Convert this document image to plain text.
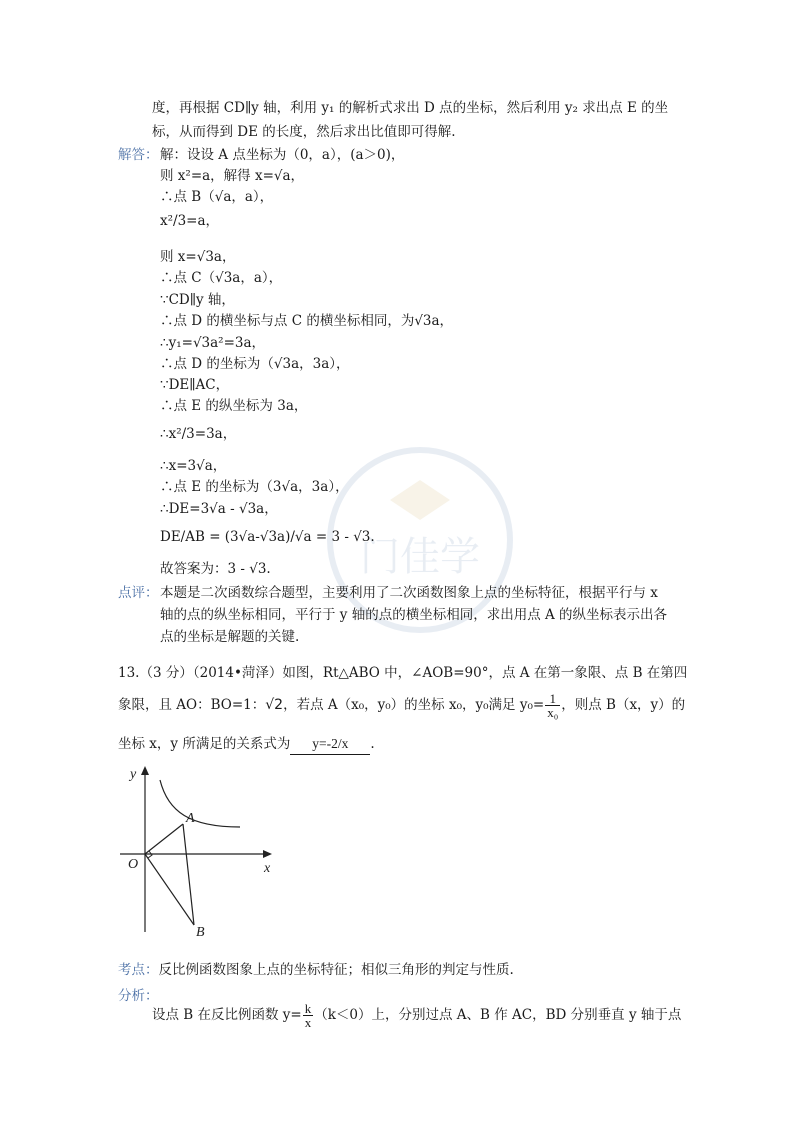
门佳学
度，再根据 CD∥y 轴，利用 y₁ 的解析式求出 D 点的坐标，然后利用 y₂ 求出点 E 的坐
标，从而得到 DE 的长度，然后求出比值即可得解.
解答： 解：设设 A 点坐标为（0，a），(a＞0)，
则 x²=a，解得 x=√a，
∴点 B（√a，a），
x²/3=a，
则 x=√3a，
∴点 C（√3a，a），
∵CD∥y 轴，
∴点 D 的横坐标与点 C 的横坐标相同，为√3a，
∴y₁=√3a²=3a，
∴点 D 的坐标为（√3a，3a），
∵DE∥AC，
∴点 E 的纵坐标为 3a，
∴x²/3=3a，
∴x=3√a，
∴点 E 的坐标为（3√a，3a），
∴DE=3√a - √3a，
DE/AB = (3√a-√3a)/√a = 3 - √3.
故答案为：3 - √3.
点评： 本题是二次函数综合题型，主要利用了二次函数图象上点的坐标特征，根据平行与 x
轴的点的纵坐标相同，平行于 y 轴的点的横坐标相同，求出用点 A 的纵坐标表示出各
点的坐标是解题的关键.
13.（3 分）（2014•菏泽）如图，Rt△ABO 中，∠AOB=90°，点 A 在第一象限、点 B 在第四
象限，且 AO：BO=1：√2，若点 A（x₀，y₀）的坐标 x₀，y₀满足 $y_0= \frac{1}{\text{x₀}}$ ，则点 B（x，y）的
坐标 x，y 所满足的关系式为 y=-2/x .
y
x
O
A
B
考点：反比例函数图象上点的坐标特征；相似三角形的判定与性质.
分析：
设点 B 在反比例函数 $y= \frac{k}{x} (k<0)$上，分别过点 A、B 作 AC，BD 分别垂直 y 轴于点
